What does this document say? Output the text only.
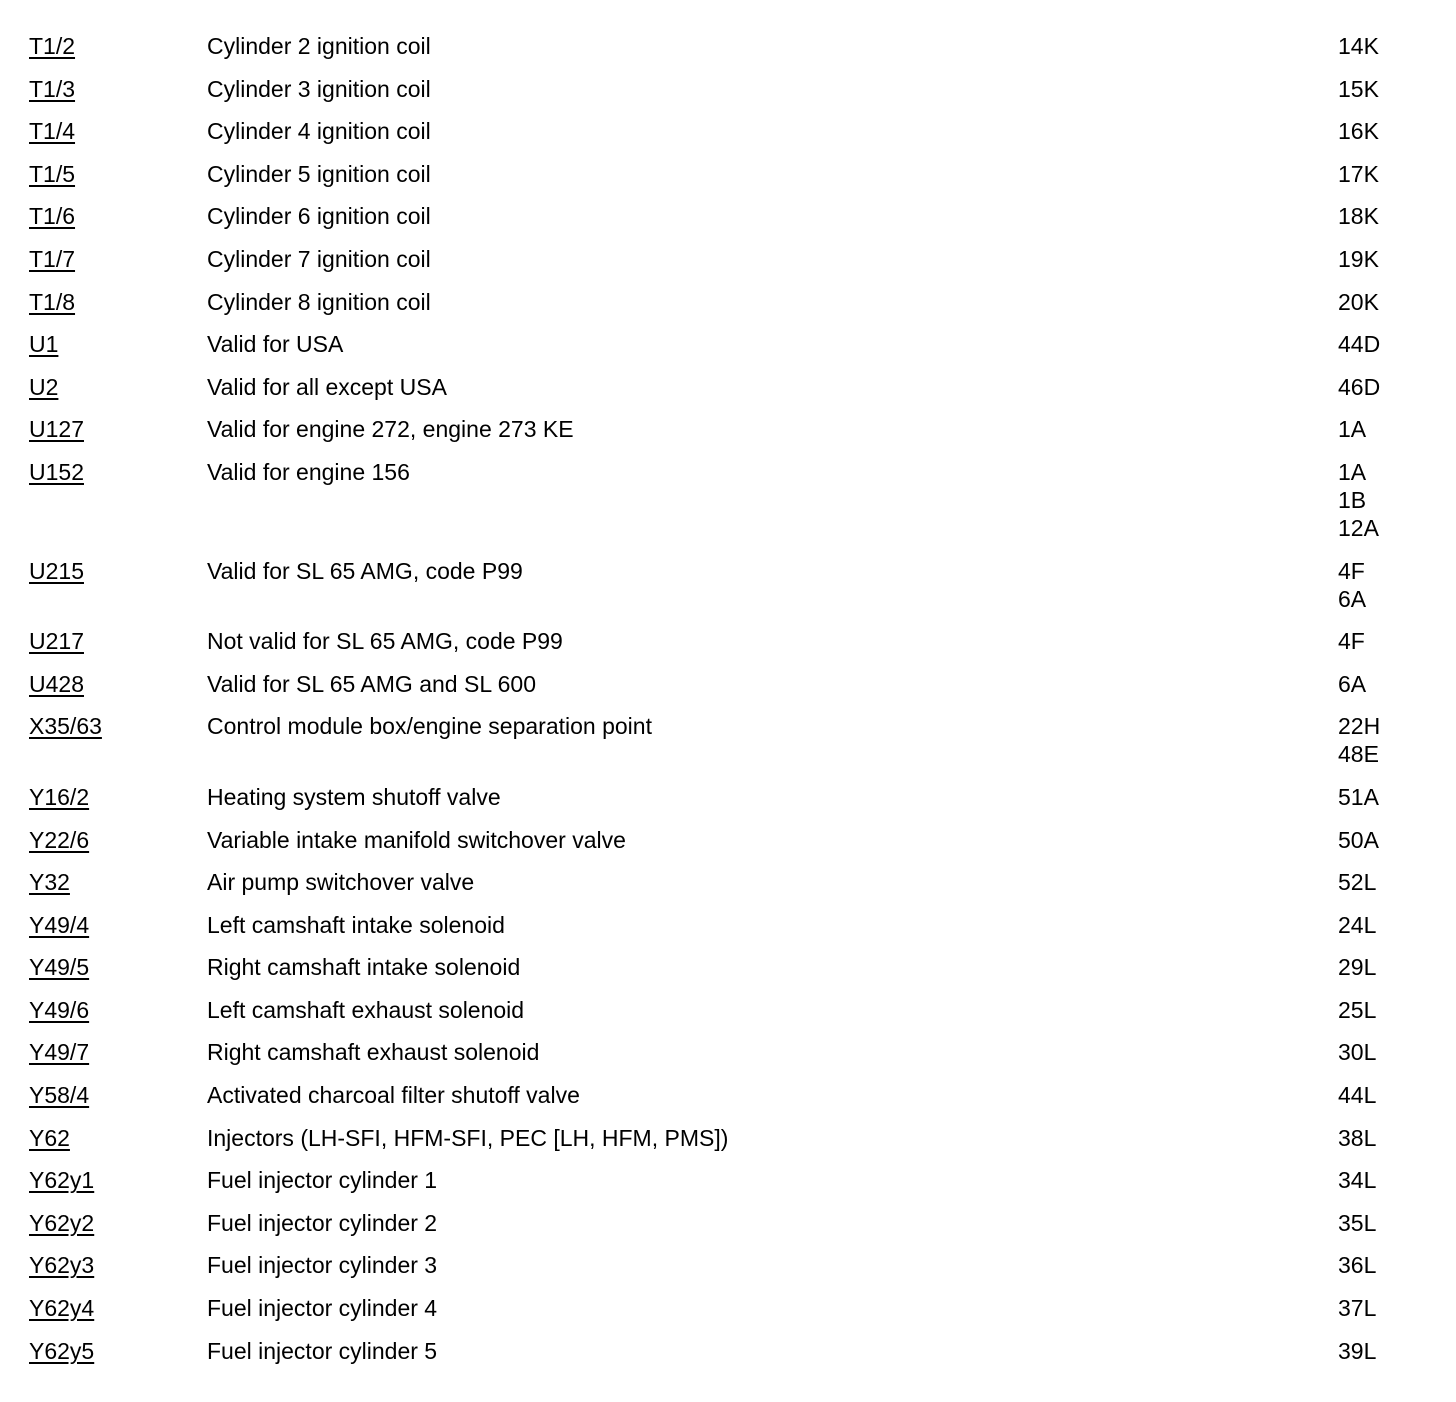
T1/2	Cylinder 2 ignition coil	14K
T1/3	Cylinder 3 ignition coil	15K
T1/4	Cylinder 4 ignition coil	16K
T1/5	Cylinder 5 ignition coil	17K
T1/6	Cylinder 6 ignition coil	18K
T1/7	Cylinder 7 ignition coil	19K
T1/8	Cylinder 8 ignition coil	20K
U1	Valid for USA	44D
U2	Valid for all except USA	46D
U127	Valid for engine 272, engine 273 KE	1A
U152	Valid for engine 156	1A
1B
12A
U215	Valid for SL 65 AMG, code P99	4F
6A
U217	Not valid for SL 65 AMG, code P99	4F
U428	Valid for SL 65 AMG and SL 600	6A
X35/63	Control module box/engine separation point	22H
48E
Y16/2	Heating system shutoff valve	51A
Y22/6	Variable intake manifold switchover valve	50A
Y32	Air pump switchover valve	52L
Y49/4	Left camshaft intake solenoid	24L
Y49/5	Right camshaft intake solenoid	29L
Y49/6	Left camshaft exhaust solenoid	25L
Y49/7	Right camshaft exhaust solenoid	30L
Y58/4	Activated charcoal filter shutoff valve	44L
Y62	Injectors (LH-SFI, HFM-SFI, PEC [LH, HFM, PMS])	38L
Y62y1	Fuel injector cylinder 1	34L
Y62y2	Fuel injector cylinder 2	35L
Y62y3	Fuel injector cylinder 3	36L
Y62y4	Fuel injector cylinder 4	37L
Y62y5	Fuel injector cylinder 5	39L
